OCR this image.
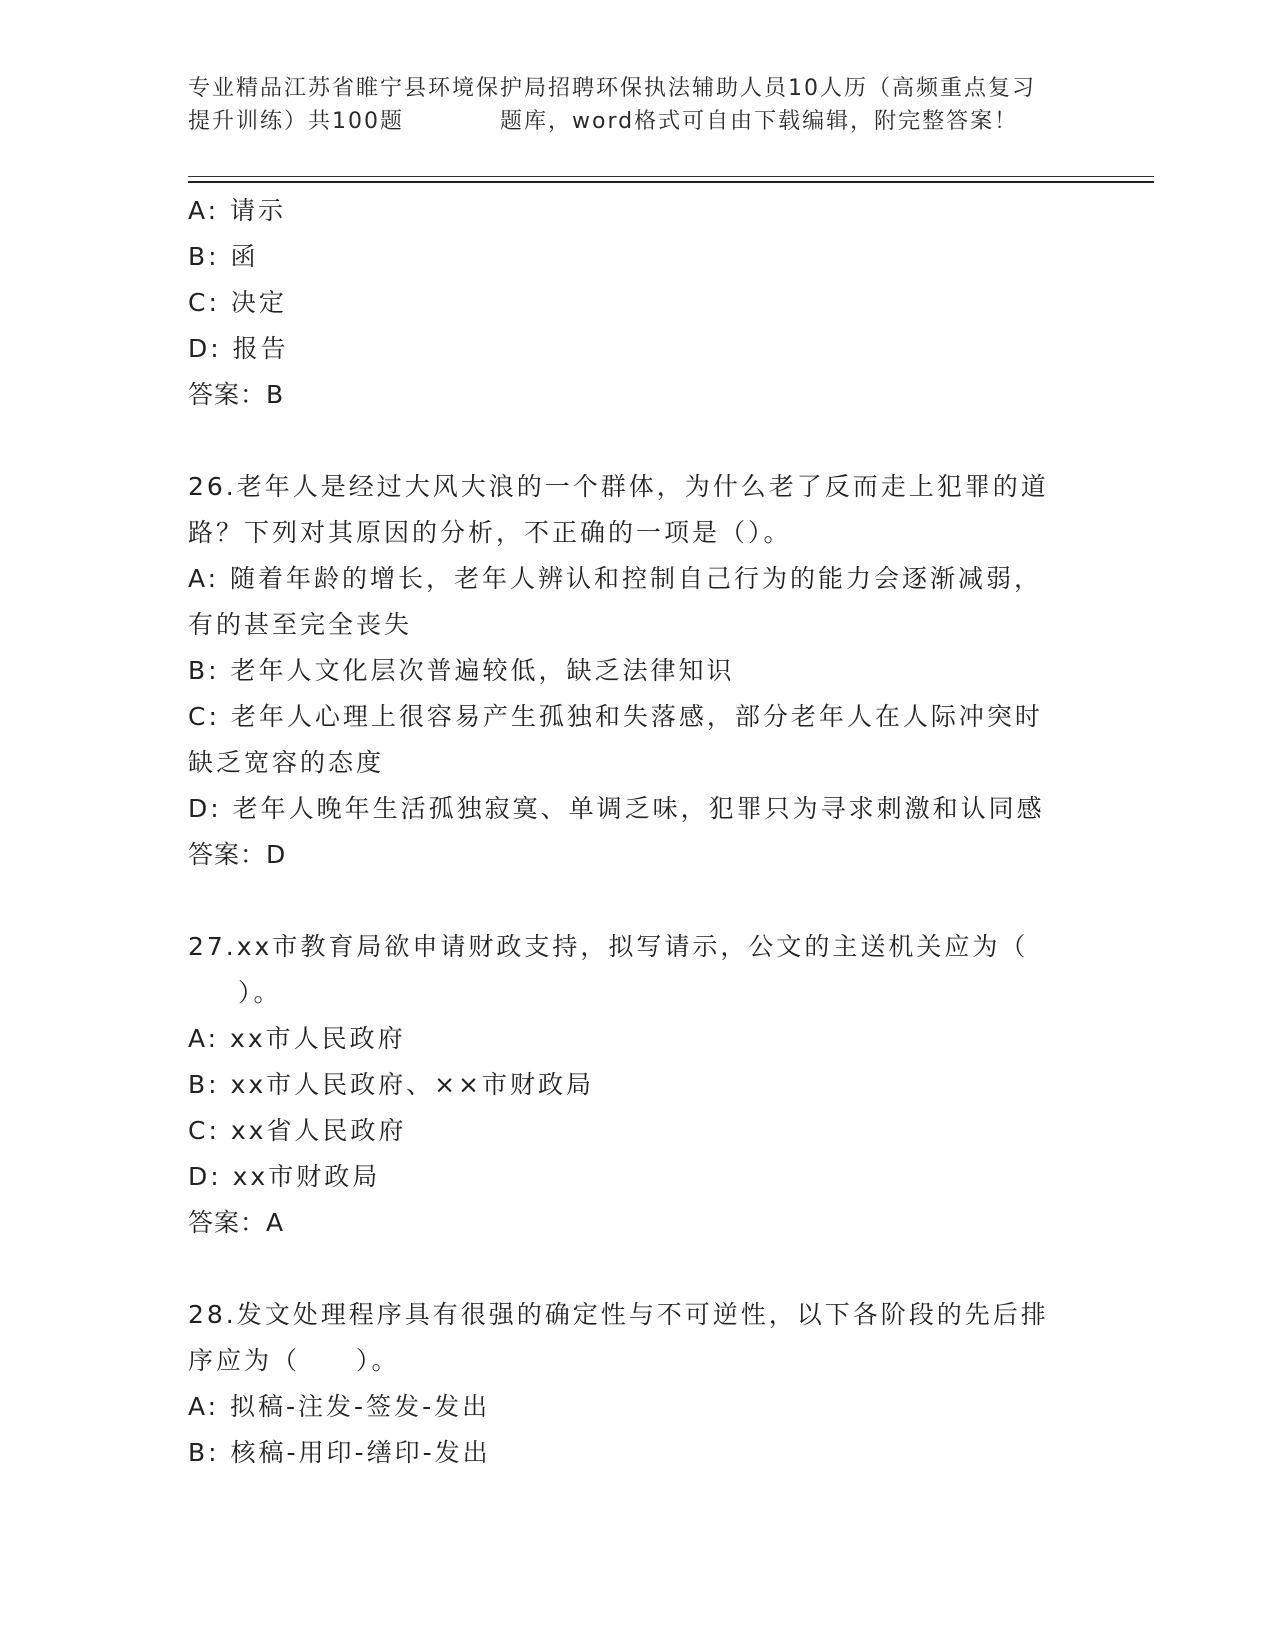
专业精品江苏省睢宁县环境保护局招聘环保执法辅助人员10人历（高频重点复习
提升训练）共100题	题库，word格式可自由下载编辑，附完整答案！
A: 请示
B: 函
C: 决定
D: 报告
答案：B
26.老年人是经过大风大浪的一个群体，为什么老了反而走上犯罪的道
路？下列对其原因的分析，不正确的一项是（）。
A: 随着年龄的增长，老年人辨认和控制自己行为的能力会逐渐减弱，
有的甚至完全丧失
B: 老年人文化层次普遍较低，缺乏法律知识
C: 老年人心理上很容易产生孤独和失落感，部分老年人在人际冲突时
缺乏宽容的态度
D: 老年人晚年生活孤独寂寞、单调乏味，犯罪只为寻求刺激和认同感
答案：D
27.xx市教育局欲申请财政支持，拟写请示，公文的主送机关应为（
）。
A: xx市人民政府
B: xx市人民政府、××市财政局
C: xx省人民政府
D: xx市财政局
答案：A
28.发文处理程序具有很强的确定性与不可逆性，以下各阶段的先后排
序应为（　　）。
A: 拟稿-注发-签发-发出
B: 核稿-用印-缮印-发出
